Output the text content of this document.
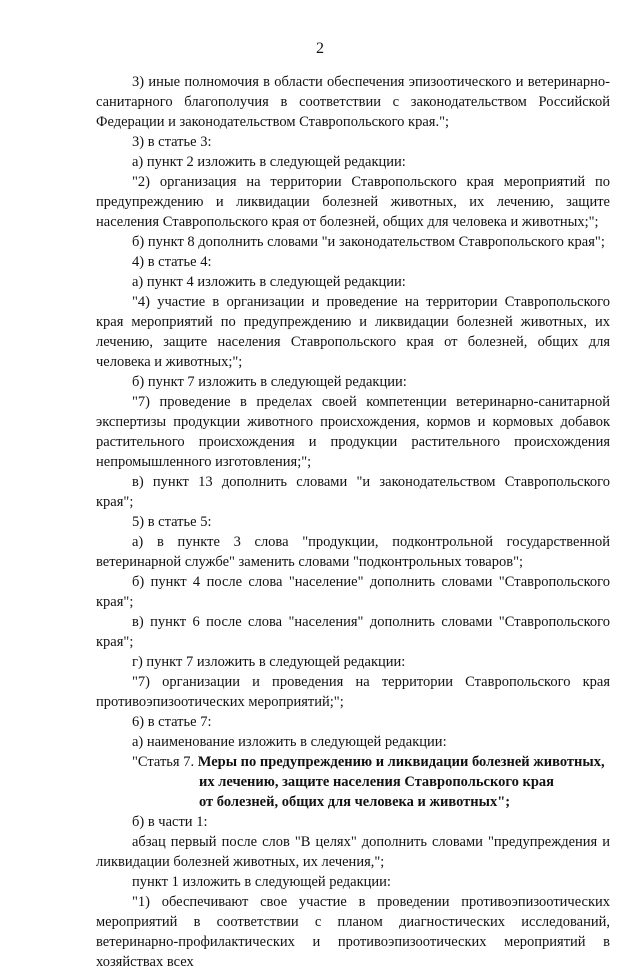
2

3) иные полномочия в области обеспечения эпизоотического и ветеринарно-санитарного благополучия в соответствии с законодательством Российской Федерации и законодательством Ставропольского края.";

3) в статье 3:

а) пункт 2 изложить в следующей редакции:

"2) организация на территории Ставропольского края мероприятий по предупреждению и ликвидации болезней животных, их лечению, защите населения Ставропольского края от болезней, общих для человека и животных;";

б) пункт 8 дополнить словами "и законодательством Ставропольского края";

4) в статье 4:

а) пункт 4 изложить в следующей редакции:

"4) участие в организации и проведение на территории Ставропольского края мероприятий по предупреждению и ликвидации болезней животных, их лечению, защите населения Ставропольского края от болезней, общих для человека и животных;";

б) пункт 7 изложить в следующей редакции:

"7) проведение в пределах своей компетенции ветеринарно-санитарной экспертизы продукции животного происхождения, кормов и кормовых добавок растительного происхождения и продукции растительного происхождения непромышленного изготовления;";

в) пункт 13 дополнить словами "и законодательством Ставропольского края";

5) в статье 5:

а) в пункте 3 слова "продукции, подконтрольной государственной ветеринарной службе" заменить словами "подконтрольных товаров";

б) пункт 4 после слова "население" дополнить словами "Ставропольского края";

в) пункт 6 после слова "населения" дополнить словами "Ставропольского края";

г) пункт 7 изложить в следующей редакции:

"7) организации и проведения на территории Ставропольского края противоэпизоотических мероприятий;";

6) в статье 7:

а) наименование изложить в следующей редакции:

"Статья 7. Меры по предупреждению и ликвидации болезней животных,
их лечению, защите населения Ставропольского края
от болезней, общих для человека и животных";

б) в части 1:

абзац первый после слов "В целях" дополнить словами "предупреждения и ликвидации болезней животных, их лечения,";

пункт 1 изложить в следующей редакции:

"1) обеспечивают свое участие в проведении противоэпизоотических мероприятий в соответствии с планом диагностических исследований, ветеринарно-профилактических и противоэпизоотических мероприятий в хозяйствах всех
